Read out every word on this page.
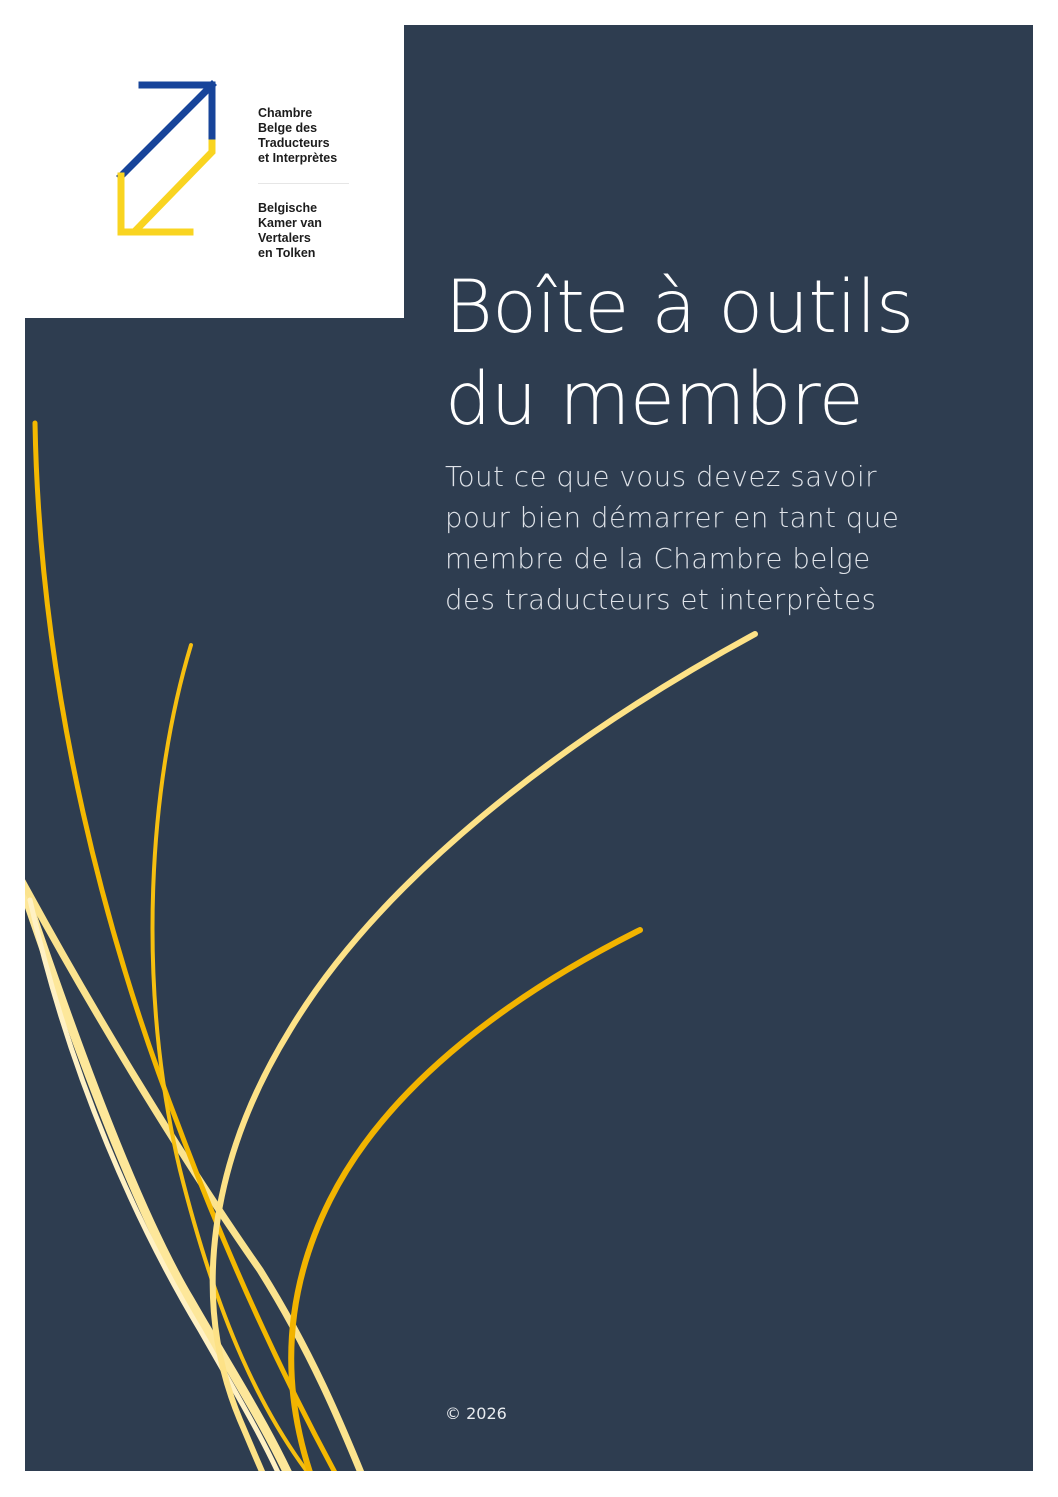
Chambre
Belge des
Traducteurs
et Interprètes

Belgische
Kamer van
Vertalers
en Tolken

Boîte à outils
du membre

Tout ce que vous devez savoir
pour bien démarrer en tant que
membre de la Chambre belge
des traducteurs et interprètes

© 2026
